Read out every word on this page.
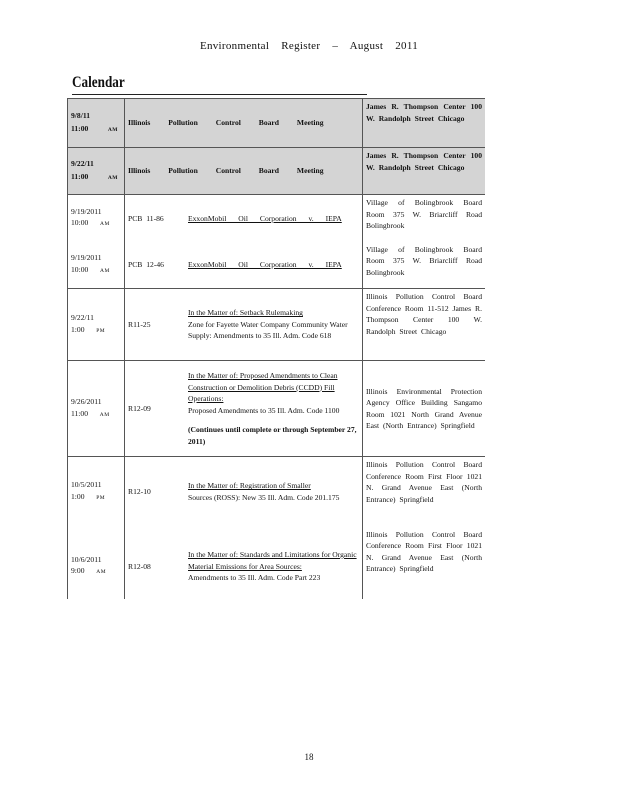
Environmental Register – August 2011
Calendar
9/8/11
11:00 AM	Illinois Pollution Control Board Meeting	James R. Thompson Center 100 W. Randolph Street Chicago
9/22/11
11:00 AM	Illinois Pollution Control Board Meeting	James R. Thompson Center 100 W. Randolph Street Chicago
9/19/2011
10:00 AM	PCB 11-86 ExxonMobil Oil Corporation v. IEPA	Village of Bolingbrook Board Room 375 W. Briarcliff Road Bolingbrook
9/19/2011
10:00 AM	PCB 12-46 ExxonMobil Oil Corporation v. IEPA	Village of Bolingbrook Board Room 375 W. Briarcliff Road Bolingbrook
9/22/11
1:00 PM	R11-25
In the Matter of: Setback Rulemaking
Zone for Fayette Water Company Community Water Supply: Amendments to 35 Ill. Adm. Code 618	Illinois Pollution Control Board Conference Room 11-512 James R. Thompson Center 100 W. Randolph Street Chicago
9/26/2011
11:00 AM	R12-09
In the Matter of: Proposed Amendments to Clean Construction or Demolition Debris (CCDD) Fill Operations:
Proposed Amendments to 35 Ill. Adm. Code 1100
(Continues until complete or through September 27, 2011)	Illinois Environmental Protection Agency Office Building Sangamo Room 1021 North Grand Avenue East (North Entrance) Springfield
10/5/2011
1:00 PM	R12-10
In the Matter of: Registration of Smaller
Sources (ROSS): New 35 Ill. Adm. Code 201.175	Illinois Pollution Control Board Conference Room First Floor 1021 N. Grand Avenue East (North Entrance) Springfield
10/6/2011
9:00 AM	R12-08
In the Matter of: Standards and Limitations for Organic Material Emissions for Area Sources:
Amendments to 35 Ill. Adm. Code Part 223	Illinois Pollution Control Board Conference Room First Floor 1021 N. Grand Avenue East (North Entrance) Springfield
18
